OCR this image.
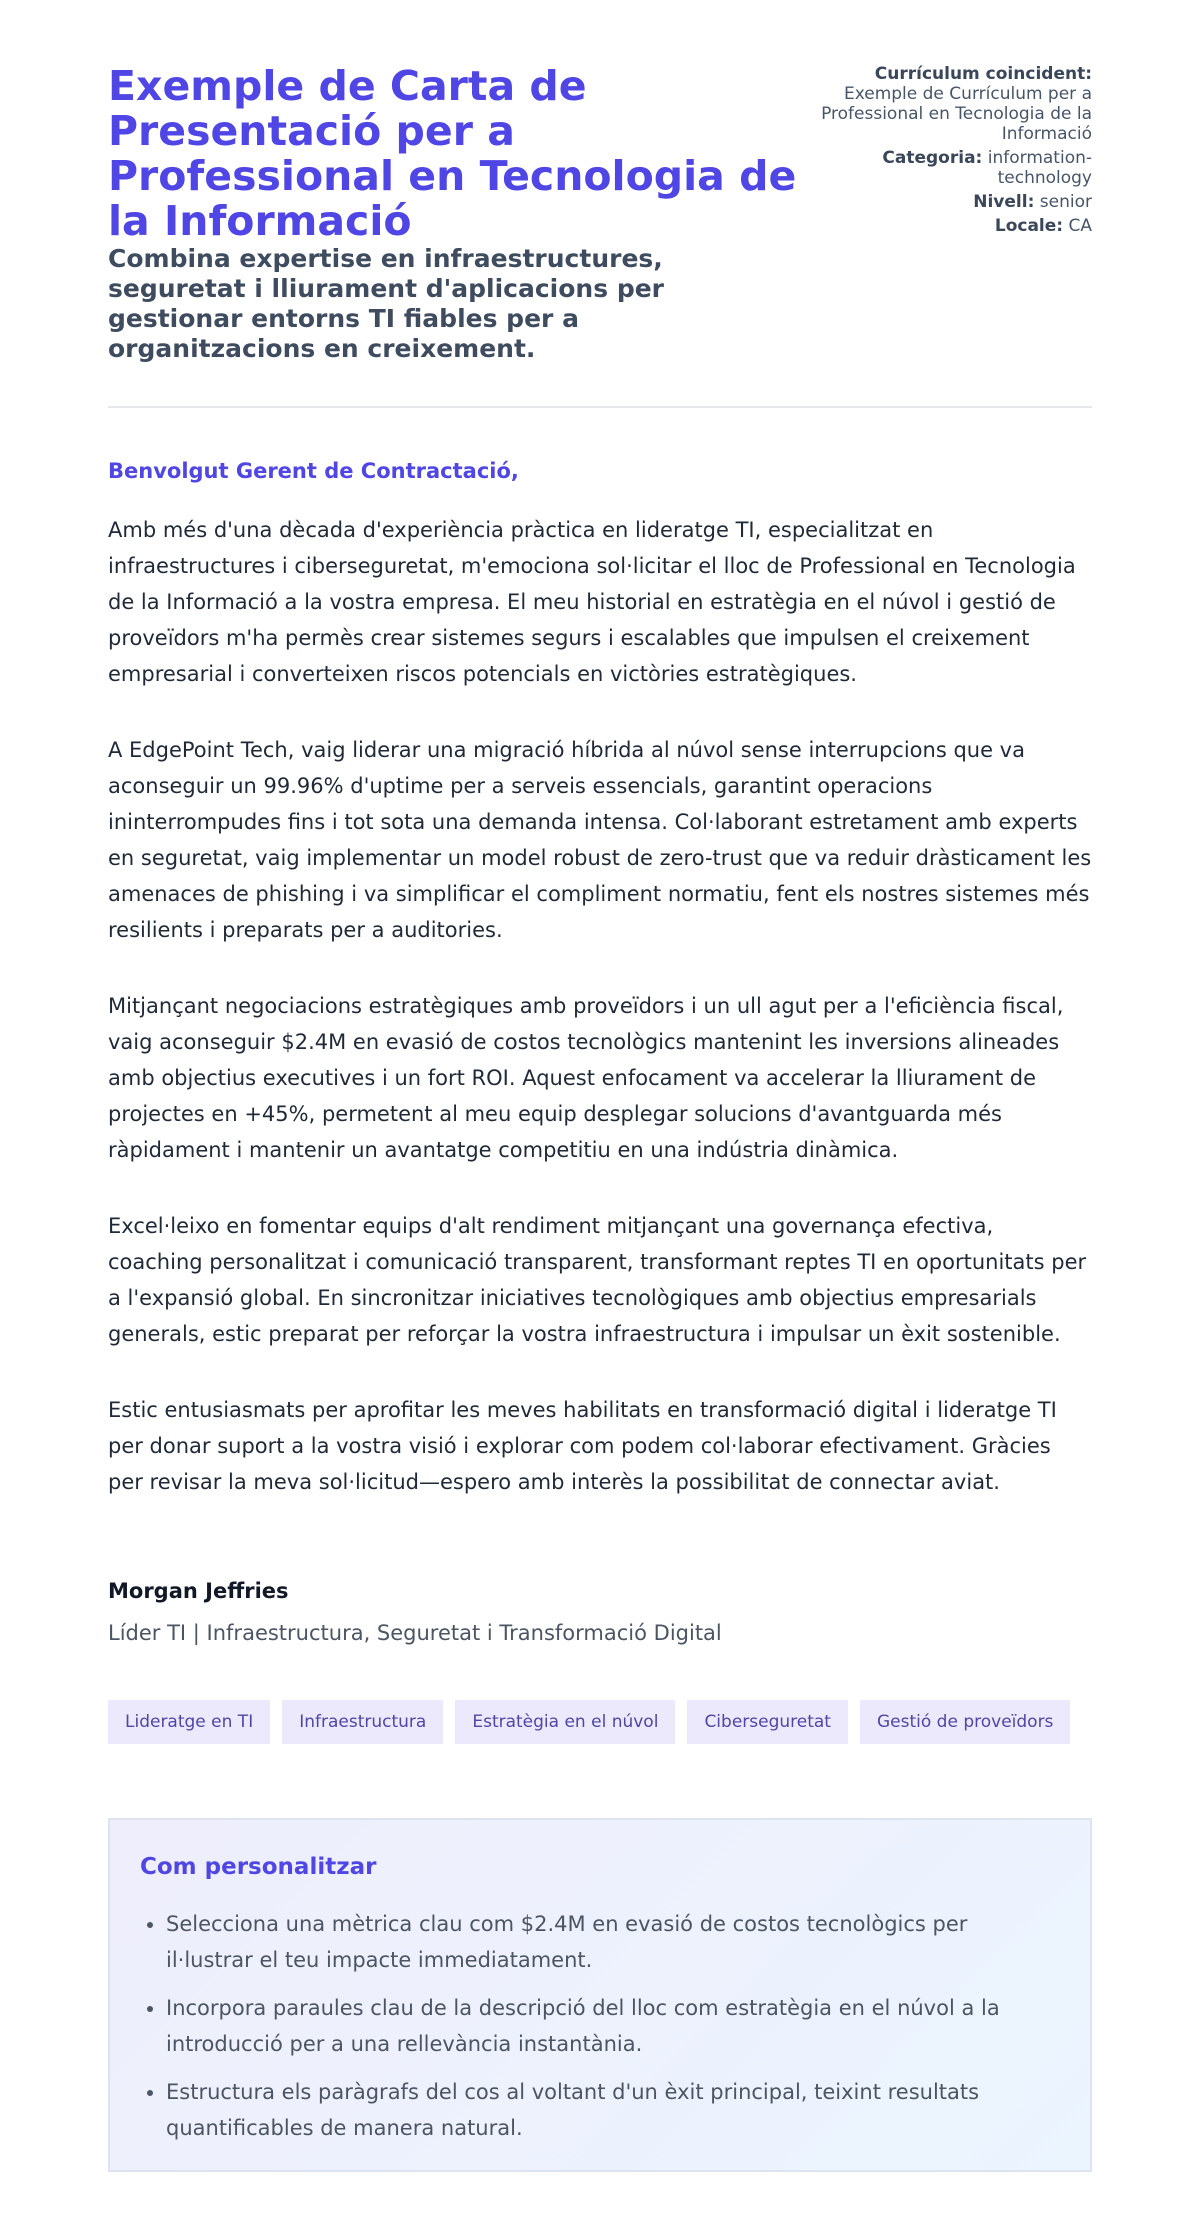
Exemple de Carta de Presentació per a Professional en Tecnologia de la Informació

Combina expertise en infraestructures, seguretat i lliurament d'aplicacions per gestionar entorns TI fiables per a organitzacions en creixement.

Currículum coincident:
Exemple de Currículum per a Professional en Tecnologia de la Informació
Categoria: information-technology
Nivell: senior
Locale: CA

Benvolgut Gerent de Contractació,

Amb més d'una dècada d'experiència pràctica en lideratge TI, especialitzat en infraestructures i ciberseguretat, m'emociona sol·licitar el lloc de Professional en Tecnologia de la Informació a la vostra empresa. El meu historial en estratègia en el núvol i gestió de proveïdors m'ha permès crear sistemes segurs i escalables que impulsen el creixement empresarial i converteixen riscos potencials en victòries estratègiques.

A EdgePoint Tech, vaig liderar una migració híbrida al núvol sense interrupcions que va aconseguir un 99.96% d'uptime per a serveis essencials, garantint operacions ininterrompudes fins i tot sota una demanda intensa. Col·laborant estretament amb experts en seguretat, vaig implementar un model robust de zero-trust que va reduir dràsticament les amenaces de phishing i va simplificar el compliment normatiu, fent els nostres sistemes més resilients i preparats per a auditories.

Mitjançant negociacions estratègiques amb proveïdors i un ull agut per a l'eficiència fiscal, vaig aconseguir $2.4M en evasió de costos tecnològics mantenint les inversions alineades amb objectius executives i un fort ROI. Aquest enfocament va accelerar la lliurament de projectes en +45%, permetent al meu equip desplegar solucions d'avantguarda més ràpidament i mantenir un avantatge competitiu en una indústria dinàmica.

Excel·leixo en fomentar equips d'alt rendiment mitjançant una governança efectiva, coaching personalitzat i comunicació transparent, transformant reptes TI en oportunitats per a l'expansió global. En sincronitzar iniciatives tecnològiques amb objectius empresarials generals, estic preparat per reforçar la vostra infraestructura i impulsar un èxit sostenible.

Estic entusiasmats per aprofitar les meves habilitats en transformació digital i lideratge TI per donar suport a la vostra visió i explorar com podem col·laborar efectivament. Gràcies per revisar la meva sol·licitud—espero amb interès la possibilitat de connectar aviat.

Morgan Jeffries

Líder TI | Infraestructura, Seguretat i Transformació Digital

Lideratge en TI	Infraestructura	Estratègia en el núvol	Ciberseguretat	Gestió de proveïdors
Com personalitzar
• Selecciona una mètrica clau com $2.4M en evasió de costos tecnològics per il·lustrar el teu impacte immediatament.
• Incorpora paraules clau de la descripció del lloc com estratègia en el núvol a la introducció per a una rellevància instantània.
• Estructura els paràgrafs del cos al voltant d'un èxit principal, teixint resultats quantificables de manera natural.
